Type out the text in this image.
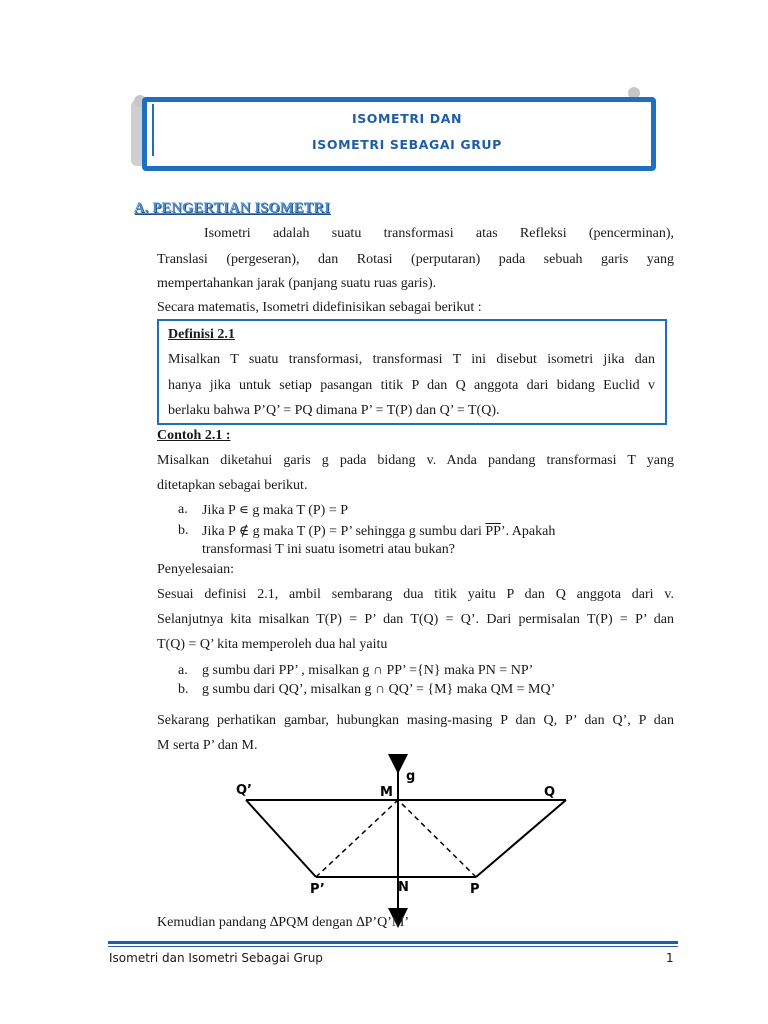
ISOMETRI DAN
ISOMETRI SEBAGAI GRUP
A. PENGERTIAN ISOMETRI
Isometri adalah suatu transformasi atas Refleksi (pencerminan),
Translasi (pergeseran), dan Rotasi (perputaran) pada sebuah garis yang
mempertahankan jarak (panjang suatu ruas garis).
Secara matematis, Isometri didefinisikan sebagai berikut :
Definisi 2.1
Misalkan T suatu transformasi, transformasi T ini disebut isometri jika dan
hanya jika untuk setiap pasangan titik P dan Q anggota dari bidang Euclid v
berlaku bahwa P’Q’ = PQ dimana P’ = T(P) dan Q’ = T(Q).
Contoh 2.1 :
Misalkan diketahui garis g pada bidang v. Anda pandang transformasi T yang
ditetapkan sebagai berikut.
a. Jika P ∊ g maka T (P) = P
b. Jika P ∉ g maka T (P) = P’ sehingga g sumbu dari $\overline{PP}$’. Apakah
transformasi T ini suatu isometri atau bukan?
Penyelesaian:
Sesuai definisi 2.1, ambil sembarang dua titik yaitu P dan Q anggota dari v.
Selanjutnya kita misalkan T(P) = P’ dan T(Q) = Q’. Dari permisalan T(P) = P’ dan
T(Q) = Q’ kita memperoleh dua hal yaitu
a. g sumbu dari PP’ , misalkan g ∩ PP’ ={N} maka PN = NP’
b. g sumbu dari QQ’, misalkan g ∩ QQ’ = {M} maka QM = MQ’
Sekarang perhatikan gambar, hubungkan masing-masing P dan Q, P’ dan Q’, P dan
M serta P’ dan M.
Q’	M
g
Q
P’	N	P
Kemudian pandang ∆PQM dengan ∆P’Q’M’
Isometri dan Isometri Sebagai Grup	1
